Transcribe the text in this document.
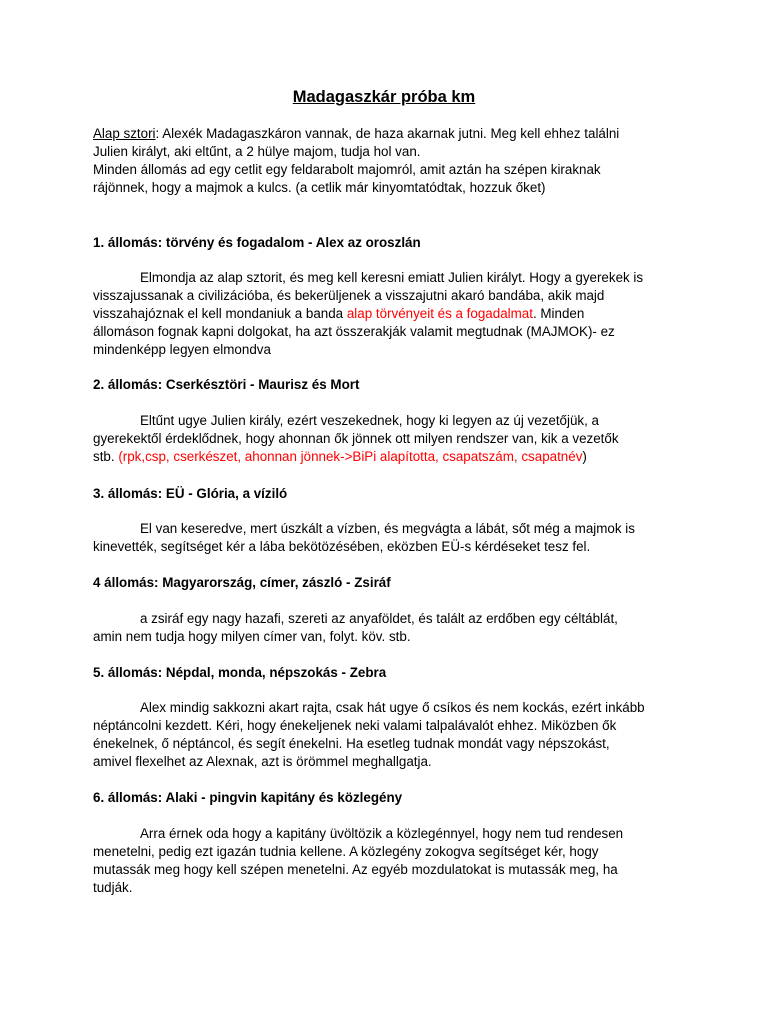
Madagaszkár próba km
Alap sztori: Alexék Madagaszkáron vannak, de haza akarnak jutni. Meg kell ehhez találni
Julien királyt, aki eltűnt, a 2 hülye majom, tudja hol van.
Minden állomás ad egy cetlit egy feldarabolt majomról, amit aztán ha szépen kiraknak
rájönnek, hogy a majmok a kulcs. (a cetlik már kinyomtatódtak, hozzuk őket)
1. állomás: törvény és fogadalom - Alex az oroszlán
Elmondja az alap sztorit, és meg kell keresni emiatt Julien királyt. Hogy a gyerekek is
visszajussanak a civilizációba, és bekerüljenek a visszajutni akaró bandába, akik majd
visszahajóznak el kell mondaniuk a banda alap törvényeit és a fogadalmat. Minden
állomáson fognak kapni dolgokat, ha azt összerakják valamit megtudnak (MAJMOK)- ez
mindenképp legyen elmondva
2. állomás: Cserkésztöri - Maurisz és Mort
Eltűnt ugye Julien király, ezért veszekednek, hogy ki legyen az új vezetőjük, a
gyerekektől érdeklődnek, hogy ahonnan ők jönnek ott milyen rendszer van, kik a vezetők
stb. (rpk,csp, cserkészet, ahonnan jönnek->BiPi alapította, csapatszám, csapatnév)
3. állomás: EÜ - Glória, a víziló
El van keseredve, mert úszkált a vízben, és megvágta a lábát, sőt még a majmok is
kinevették, segítséget kér a lába bekötözésében, eközben EÜ-s kérdéseket tesz fel.
4 állomás: Magyarország, címer, zászló - Zsiráf
a zsiráf egy nagy hazafi, szereti az anyaföldet, és talált az erdőben egy céltáblát,
amin nem tudja hogy milyen címer van, folyt. köv. stb.
5. állomás: Népdal, monda, népszokás - Zebra
Alex mindig sakkozni akart rajta, csak hát ugye ő csíkos és nem kockás, ezért inkább
néptáncolni kezdett. Kéri, hogy énekeljenek neki valami talpalávalót ehhez. Miközben ők
énekelnek, ő néptáncol, és segít énekelni. Ha esetleg tudnak mondát vagy népszokást,
amivel flexelhet az Alexnak, azt is örömmel meghallgatja.
6. állomás: Alaki - pingvin kapitány és közlegény
Arra érnek oda hogy a kapitány üvöltözik a közlegénnyel, hogy nem tud rendesen
menetelni, pedig ezt igazán tudnia kellene. A közlegény zokogva segítséget kér, hogy
mutassák meg hogy kell szépen menetelni. Az egyéb mozdulatokat is mutassák meg, ha
tudják.
